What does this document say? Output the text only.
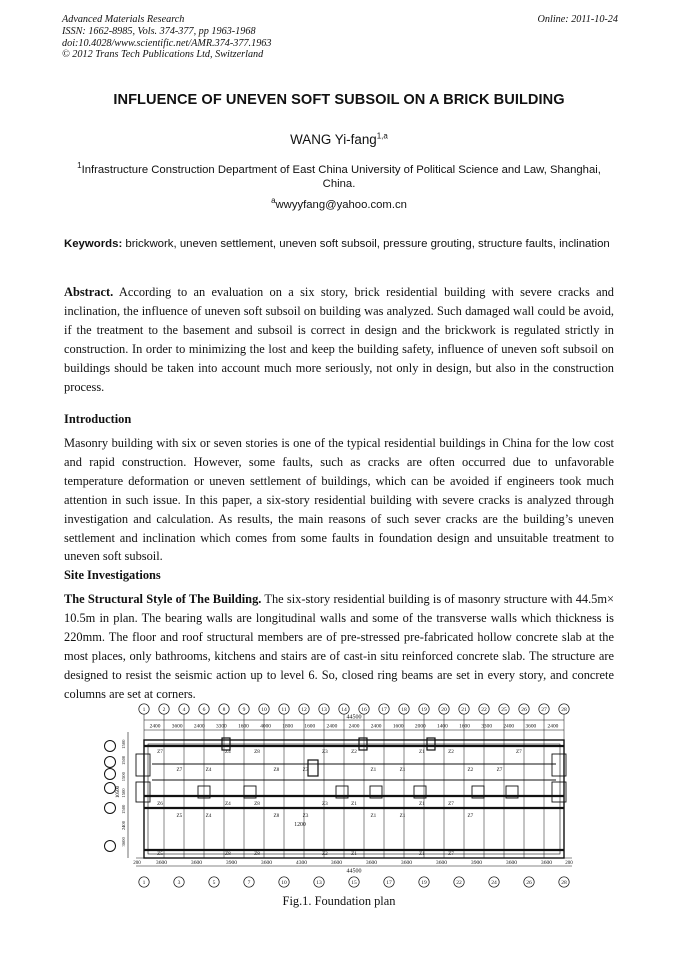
Advanced Materials Research
ISSN: 1662-8985, Vols. 374-377, pp 1963-1968
doi:10.4028/www.scientific.net/AMR.374-377.1963
© 2012 Trans Tech Publications Ltd, Switzerland
Online: 2011-10-24
INFLUENCE OF UNEVEN SOFT SUBSOIL ON A BRICK BUILDING
WANG Yi-fang$^{1,a}$
$^1$Infrastructure Construction Department of East China University of Political Science and Law, Shanghai, China.
$^a$wwyyfang@yahoo.com.cn
Keywords: brickwork, uneven settlement, uneven soft subsoil, pressure grouting, structure faults, inclination
Abstract. According to an evaluation on a six story, brick residential building with severe cracks and inclination, the influence of uneven soft subsoil on building was analyzed. Such damaged wall could be avoid, if the treatment to the basement and subsoil is correct in design and the brickwork is regulated strictly in construction. In order to minimizing the lost and keep the building safety, influence of uneven soft subsoil on buildings should be taken into account much more seriously, not only in design, but also in the construction process.
Introduction
Masonry building with six or seven stories is one of the typical residential buildings in China for the low cost and rapid construction. However, some faults, such as cracks are often occurred due to unfavorable temperature deformation or uneven settlement of buildings, which can be avoided if engineers took much attention in such issue. In this paper, a six-story residential building with severe cracks is analyzed through investigation and calculation. As results, the main reasons of such sever cracks are the building’s uneven settlement and inclination which comes from some faults in foundation design and unsuitable treatment to uneven soft subsoil.
Site Investigations
The Structural Style of The Building. The six-story residential building is of masonry structure with 44.5m× 10.5m in plan. The bearing walls are longitudinal walls and some of the transverse walls which thickness is 220mm. The floor and roof structural members are of pre-stressed pre-fabricated hollow concrete slab at the most places, only bathrooms, kitchens and stairs are of cast-in situ reinforced concrete slab. The structure are designed to resist the seismic action up to level 6. So, closed ring beams are set in every story, and concrete columns are set at corners.
1	2	4	6	8	9	10	11	12	13	14	16	17	18	19	20	21	22	25	26	27	28
44500
2400 3600 2400 3300 1600 4000 1800 1600 2400 2400 2400 1600 2000 1400 1600 3300 2400 3600 2400
1	3	5	7	10	13	15	17	19	22	24	26	28
3600	3600	3900	3600	4300	3600	3600	3600	3600	3900	3600	3600
200	200
44500
1500
1500
1500
1500
1500
2400
3600
10500
1200
Z7
Z7
Z6
Z5
Z5
Z4
Z4
Z4
Z4
Z8
Z8
Z8
Z8
Z8
Z8
Z3
Z3
Z3
Z3
Z2
Z2
Z1
Z1
Z1
Z1
Z1
Z1
Z1
Z1
Z1
Z2
Z2
Z7
Z7
Z7
Z7
Z7
Fig.1. Foundation plan
